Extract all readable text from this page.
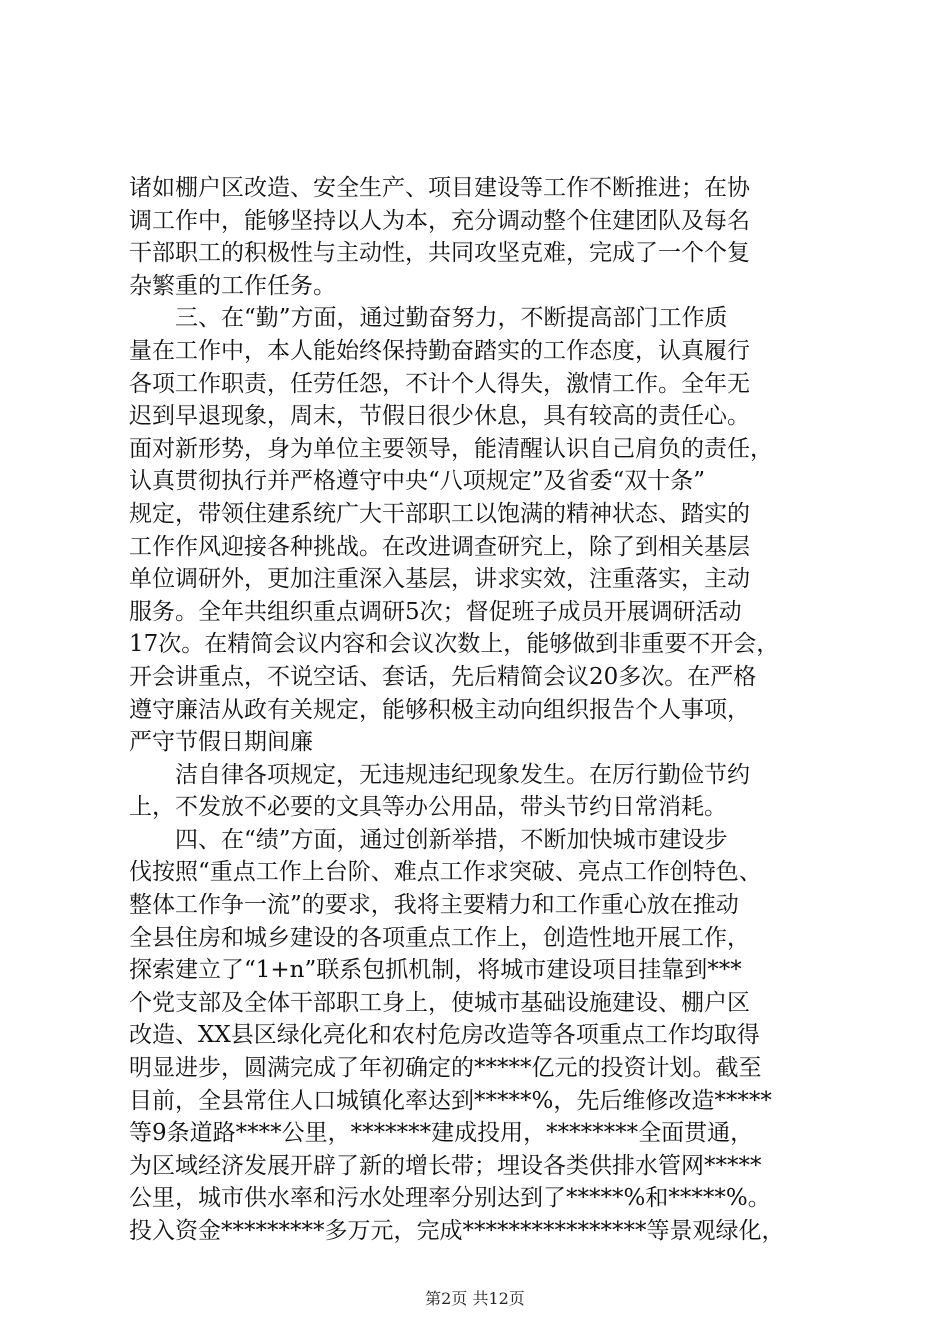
诸如棚户区改造、安全生产、项目建设等工作不断推进；在协
调工作中，能够坚持以人为本，充分调动整个住建团队及每名
干部职工的积极性与主动性，共同攻坚克难，完成了一个个复
杂繁重的工作任务。
三、在“勤”方面，通过勤奋努力，不断提高部门工作质
量在工作中，本人能始终保持勤奋踏实的工作态度，认真履行
各项工作职责，任劳任怨，不计个人得失，激情工作。全年无
迟到早退现象，周末，节假日很少休息，具有较高的责任心。
面对新形势，身为单位主要领导，能清醒认识自己肩负的责任，
认真贯彻执行并严格遵守中央“八项规定”及省委“双十条”
规定，带领住建系统广大干部职工以饱满的精神状态、踏实的
工作作风迎接各种挑战。在改进调查研究上，除了到相关基层
单位调研外，更加注重深入基层，讲求实效，注重落实，主动
服务。全年共组织重点调研5次；督促班子成员开展调研活动
17次。在精简会议内容和会议次数上，能够做到非重要不开会，
开会讲重点，不说空话、套话，先后精简会议20多次。在严格
遵守廉洁从政有关规定，能够积极主动向组织报告个人事项，
严守节假日期间廉
洁自律各项规定，无违规违纪现象发生。在厉行勤俭节约
上，不发放不必要的文具等办公用品，带头节约日常消耗。
四、在“绩”方面，通过创新举措，不断加快城市建设步
伐按照“重点工作上台阶、难点工作求突破、亮点工作创特色、
整体工作争一流”的要求，我将主要精力和工作重心放在推动
全县住房和城乡建设的各项重点工作上，创造性地开展工作，
探索建立了“1+n”联系包抓机制，将城市建设项目挂靠到***
个党支部及全体干部职工身上，使城市基础设施建设、棚户区
改造、XX县区绿化亮化和农村危房改造等各项重点工作均取得
明显进步，圆满完成了年初确定的*****亿元的投资计划。截至
目前，全县常住人口城镇化率达到*****%，先后维修改造*****
等9条道路****公里，*******建成投用，********全面贯通，
为区域经济发展开辟了新的增长带；埋设各类供排水管网*****
公里，城市供水率和污水处理率分别达到了*****%和*****%。
投入资金*********多万元，完成****************等景观绿化，
第2页 共12页
